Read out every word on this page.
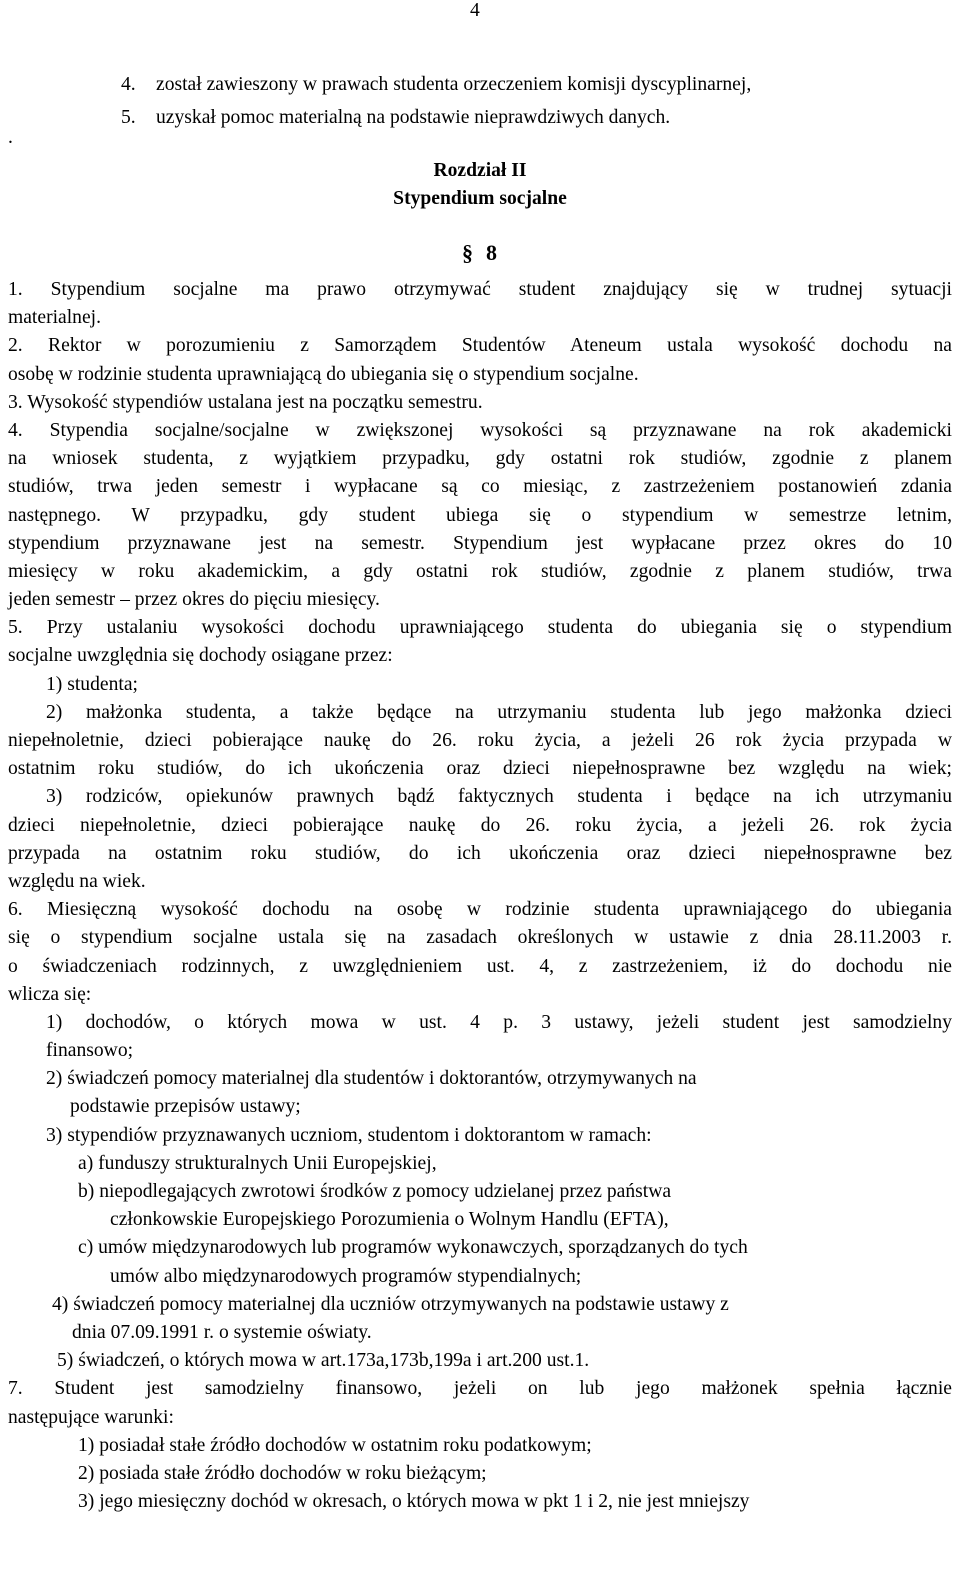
4
.
4. został zawieszony w prawach studenta orzeczeniem komisji dyscyplinarnej,
5. uzyskał pomoc materialną na podstawie nieprawdziwych danych.
Rozdział II
Stypendium socjalne
§ 8
1. Stypendium socjalne ma prawo otrzymywać student znajdujący się w trudnej sytuacji
materialnej.
2. Rektor w porozumieniu z Samorządem Studentów Ateneum ustala wysokość dochodu na
osobę w rodzinie studenta uprawniającą do ubiegania się o stypendium socjalne.
3. Wysokość stypendiów ustalana jest na początku semestru.
4. Stypendia socjalne/socjalne w zwiększonej wysokości są przyznawane na rok akademicki
na wniosek studenta, z wyjątkiem przypadku, gdy ostatni rok studiów, zgodnie z planem
studiów, trwa jeden semestr i wypłacane są co miesiąc, z zastrzeżeniem postanowień zdania
następnego. W przypadku, gdy student ubiega się o stypendium w semestrze letnim,
stypendium przyznawane jest na semestr. Stypendium jest wypłacane przez okres do 10
miesięcy w roku akademickim, a gdy ostatni rok studiów, zgodnie z planem studiów, trwa
jeden semestr – przez okres do pięciu miesięcy.
5. Przy ustalaniu wysokości dochodu uprawniającego studenta do ubiegania się o stypendium
socjalne uwzględnia się dochody osiągane przez:
1) studenta;
2) małżonka studenta, a także będące na utrzymaniu studenta lub jego małżonka dzieci
niepełnoletnie, dzieci pobierające naukę do 26. roku życia, a jeżeli 26 rok życia przypada w
ostatnim roku studiów, do ich ukończenia oraz dzieci niepełnosprawne bez względu na wiek;
3) rodziców, opiekunów prawnych bądź faktycznych studenta i będące na ich utrzymaniu
dzieci niepełnoletnie, dzieci pobierające naukę do 26. roku życia, a jeżeli 26. rok życia
przypada na ostatnim roku studiów, do ich ukończenia oraz dzieci niepełnosprawne bez
względu na wiek.
6. Miesięczną wysokość dochodu na osobę w rodzinie studenta uprawniającego do ubiegania
się o stypendium socjalne ustala się na zasadach określonych w ustawie z dnia 28.11.2003 r.
o świadczeniach rodzinnych, z uwzględnieniem ust. 4, z zastrzeżeniem, iż do dochodu nie
wlicza się:
1) dochodów, o których mowa w ust. 4 p. 3 ustawy, jeżeli student jest samodzielny
finansowo;
2) świadczeń pomocy materialnej dla studentów i doktorantów, otrzymywanych na
podstawie przepisów ustawy;
3) stypendiów przyznawanych uczniom, studentom i doktorantom w ramach:
a) funduszy strukturalnych Unii Europejskiej,
b) niepodlegających zwrotowi środków z pomocy udzielanej przez państwa
członkowskie Europejskiego Porozumienia o Wolnym Handlu (EFTA),
c) umów międzynarodowych lub programów wykonawczych, sporządzanych do tych
umów albo międzynarodowych programów stypendialnych;
4) świadczeń pomocy materialnej dla uczniów otrzymywanych na podstawie ustawy z
dnia 07.09.1991 r. o systemie oświaty.
5) świadczeń, o których mowa w art.173a,173b,199a i art.200 ust.1.
7. Student jest samodzielny finansowo, jeżeli on lub jego małżonek spełnia łącznie
następujące warunki:
1) posiadał stałe źródło dochodów w ostatnim roku podatkowym;
2) posiada stałe źródło dochodów w roku bieżącym;
3) jego miesięczny dochód w okresach, o których mowa w pkt 1 i 2, nie jest mniejszy
